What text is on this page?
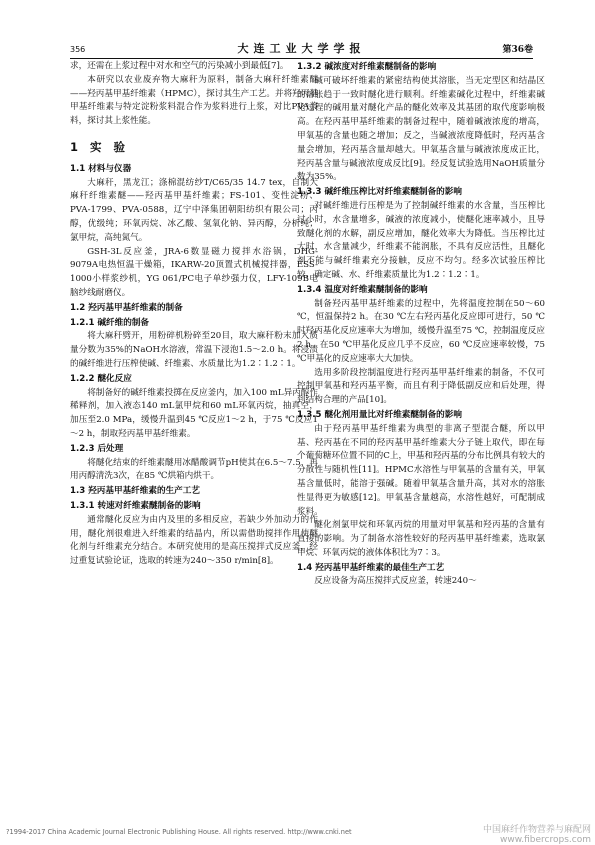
356	大连工业大学学报	第36卷

求，还需在上浆过程中对水和空气的污染减小到最低[7]。

本研究以农业废弃物大麻秆为原料，制备大麻秆纤维素醚——羟丙基甲基纤维素（HPMC），探讨其生产工艺。并将羟丙基甲基纤维素与特定淀粉浆料混合作为浆料进行上浆，对比PVA浆料，探讨其上浆性能。

1 实 验
1.1 材料与仪器

大麻秆，黑龙江；涤棉混纺纱T/C65/35 14.7 tex，自制大麻秆纤维素醚——羟丙基甲基纤维素；FS-101、变性淀粉、PVA-1799、PVA-0588，辽宁中泽集团朝阳纺织有限公司；丙醇，优级纯；环氧丙烷、冰乙酸、氢氧化钠、异丙醇，分析纯；氯甲烷，高纯氮气。

GSH-3L反应釜，JRA-6数显磁力搅拌水浴锅，DHG-9079A电热恒温干燥箱，IKARW-20顶置式机械搅拌器，ESS-1000小样浆纱机，YG 061/PC电子单纱强力仪，LFY-109B电脑纱线耐磨仪。

1.2 羟丙基甲基纤维素的制备
1.2.1 碱纤维的制备

将大麻秆劈开，用粉碎机粉碎至20目，取大麻秆粉末加入质量分数为35%的NaOH水溶液，常温下浸泡1.5～2.0 h。将浸渍的碱纤维进行压榨使碱、纤维素、水质量比为1.2∶1.2∶1。

1.2.2 醚化反应

将制备好的碱纤维素投掷在反应釜内，加入100 mL异丙醇作稀释剂，加入液态140 mL氯甲烷和60 mL环氧丙烷，抽真空，加压至2.0 MPa，缓慢升温到45 ℃反应1～2 h，于75 ℃反应1～2 h，制取羟丙基甲基纤维素。

1.2.3 后处理

将醚化结束的纤维素醚用冰醋酸调节pH使其在6.5～7.5，再用丙醇清洗3次，在85 ℃烘箱内烘干。

1.3 羟丙基甲基纤维素的生产工艺
1.3.1 转速对纤维素醚制备的影响

通常醚化反应为由内及里的多相反应，若缺少外加动力的作用，醚化剂很难进入纤维素的结晶内，所以需借助搅拌作用使醚化剂与纤维素充分结合。本研究使用的是高压搅拌式反应釜，经过重复试验论证，选取的转速为240～350 r/min[8]。

1.3.2 碱浓度对纤维素醚制备的影响

碱可破坏纤维素的紧密结构使其溶胀，当无定型区和结晶区的溶胀趋于一致时醚化进行顺利。纤维素碱化过程中，纤维素碱化过程的碱用量对醚化产品的醚化效率及其基团的取代度影响极高。在羟丙基甲基纤维素的制备过程中，随着碱液浓度的增高，甲氧基的含量也随之增加；反之，当碱液浓度降低时，羟丙基含量会增加，羟丙基含量却越大。甲氧基含量与碱液浓度成正比，羟丙基含量与碱液浓度成反比[9]。经反复试验选用NaOH质量分数为35%。

1.3.3 碱纤维压榨比对纤维素醚制备的影响

对碱纤维进行压榨是为了控制碱纤维素的水含量，当压榨比过小时，水含量增多，碱液的浓度减小，使醚化速率减小，且导致醚化剂的水解，副反应增加，醚化效率大为降低。当压榨比过大时，水含量减少，纤维素不能润胀，不具有反应活性，且醚化剂不能与碱纤维素充分接触，反应不均匀。经多次试验压榨比较，确定碱、水、纤维素质量比为1.2∶1.2∶1。

1.3.4 温度对纤维素醚制备的影响

制备羟丙基甲基纤维素的过程中，先将温度控制在50～60 ℃，恒温保持2 h。在30 ℃左右羟丙基化反应即可进行，50 ℃时羟丙基化反应速率大为增加，缓慢升温至75 ℃，控制温度反应2 h。在50 ℃甲基化反应几乎不反应，60 ℃反应速率较慢，75 ℃甲基化的反应速率大大加快。

选用多阶段控制温度进行羟丙基甲基纤维素的制备，不仅可控制甲氧基和羟丙基平衡，而且有利于降低副反应和后处理，得到结构合理的产品[10]。

1.3.5 醚化剂用量比对纤维素醚制备的影响

由于羟丙基甲基纤维素为典型的非离子型混合醚，所以甲基、羟丙基在不同的羟丙基甲基纤维素大分子链上取代，即在每个葡萄糖环位置不同的C上，甲基和羟丙基的分布比例具有较大的分散性与随机性[11]。HPMC水溶性与甲氧基的含量有关，甲氧基含量低时，能溶于强碱。随着甲氧基含量升高，其对水的溶胀性显得更为敏感[12]。甲氧基含量越高，水溶性越好，可配制成浆料。

醚化剂氯甲烷和环氧丙烷的用量对甲氧基和羟丙基的含量有直接的影响。为了制备水溶性较好的羟丙基甲基纤维素，选取氯甲烷、环氧丙烷的液体体积比为7∶3。

1.4 羟丙基甲基纤维素的最佳生产工艺

反应设备为高压搅拌式反应釜，转速240～

?1994-2017 China Academic Journal Electronic Publishing House. All rights reserved. http://www.cnki.net	中国麻纤作物营养与麻配网
www.fibercrops.com
